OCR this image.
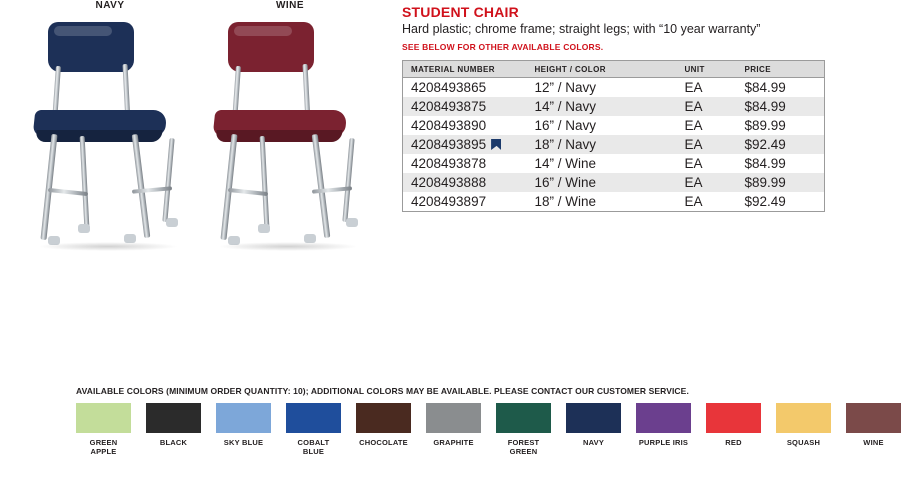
NAVY	WINE	STUDENT CHAIR
Hard plastic; chrome frame; straight legs; with “10 year warranty”
SEE BELOW FOR OTHER AVAILABLE COLORS.
MATERIAL NUMBER	HEIGHT / COLOR	UNIT	PRICE
4208493865	12” / Navy	EA	$84.99
4208493875	14” / Navy	EA	$84.99
4208493890	16” / Navy	EA	$89.99
4208493895	18” / Navy	EA	$92.49
4208493878	14” / Wine	EA	$84.99
4208493888	16” / Wine	EA	$89.99
4208493897	18” / Wine	EA	$92.49
AVAILABLE COLORS (MINIMUM ORDER QUANTITY: 10); ADDITIONAL COLORS MAY BE AVAILABLE. PLEASE CONTACT OUR CUSTOMER SERVICE.
GREEN APPLE
BLACK	SKY BLUE	COBALT BLUE
CHOCOLATE	GRAPHITE	FOREST GREEN
NAVY	PURPLE IRIS	RED	SQUASH	WINE
